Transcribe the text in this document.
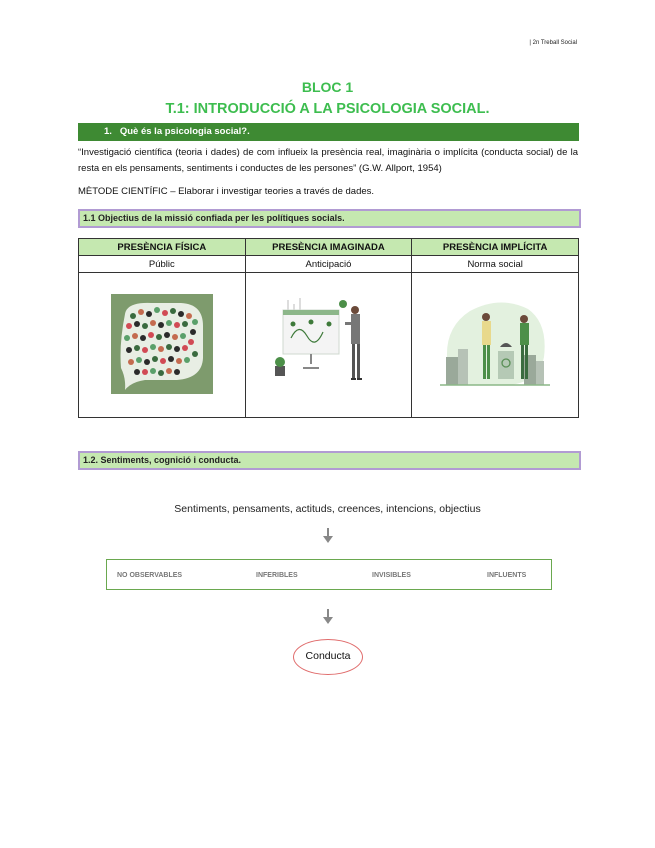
| 2n Treball Social
BLOC 1
T.1: INTRODUCCIÓ A LA PSICOLOGIA SOCIAL.
1. Què és la psicologia social?.
“Investigació científica (teoria i dades) de com influeix la presència real, imaginària o implícita (conducta social) de la resta en els pensaments, sentiments i conductes de les persones” (G.W. Allport, 1954)
MÈTODE CIENTÍFIC – Elaborar i investigar teories a través de dades.
1.1 Objectius de la missió confiada per les polítiques socials.
PRESÈNCIA FÍSICA	PRESÈNCIA IMAGINADA	PRESÈNCIA IMPLÍCITA
Públic	Anticipació	Norma social

1.2. Sentiments, cognició i conducta.
Sentiments, pensaments, actituds, creences, intencions, objectius
NO OBSERVABLES	INFERIBLES	INVISIBLES	INFLUENTS
Conducta
